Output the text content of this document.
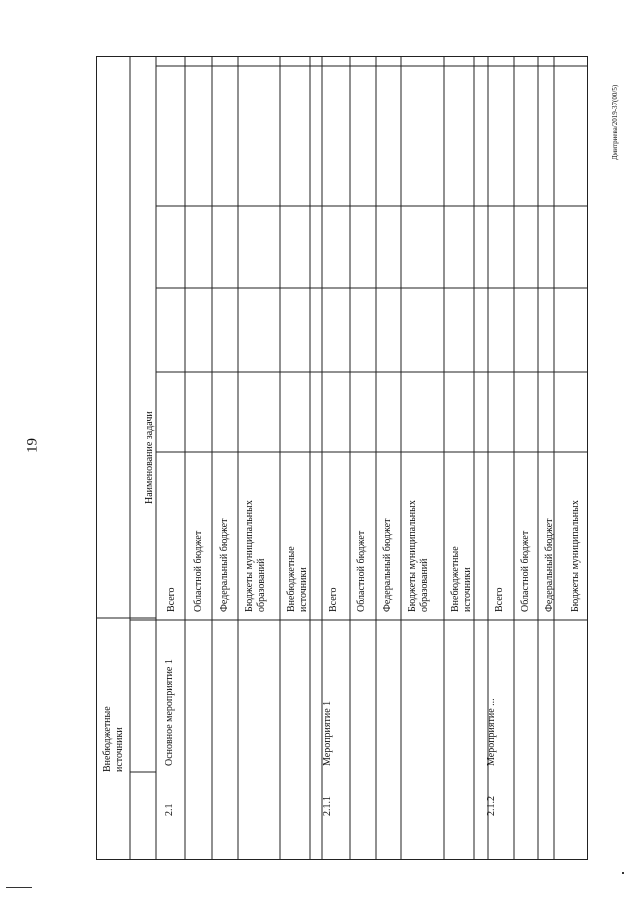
19
Дмитриева/2019-37(00/5)
Внебюджетные источники
Наименование задачи
2.1
Основное мероприятие 1
Всего Областной бюджет Федеральный бюджет Бюджеты муниципальных образований Внебюджетные источники
2.1.1
Мероприятие 1
Всего Областной бюджет Федеральный бюджет Бюджеты муниципальных образований Внебюджетные источники
2.1.2
Мероприятие ...
Всего Областной бюджет Федеральный бюджет Бюджеты муниципальных
